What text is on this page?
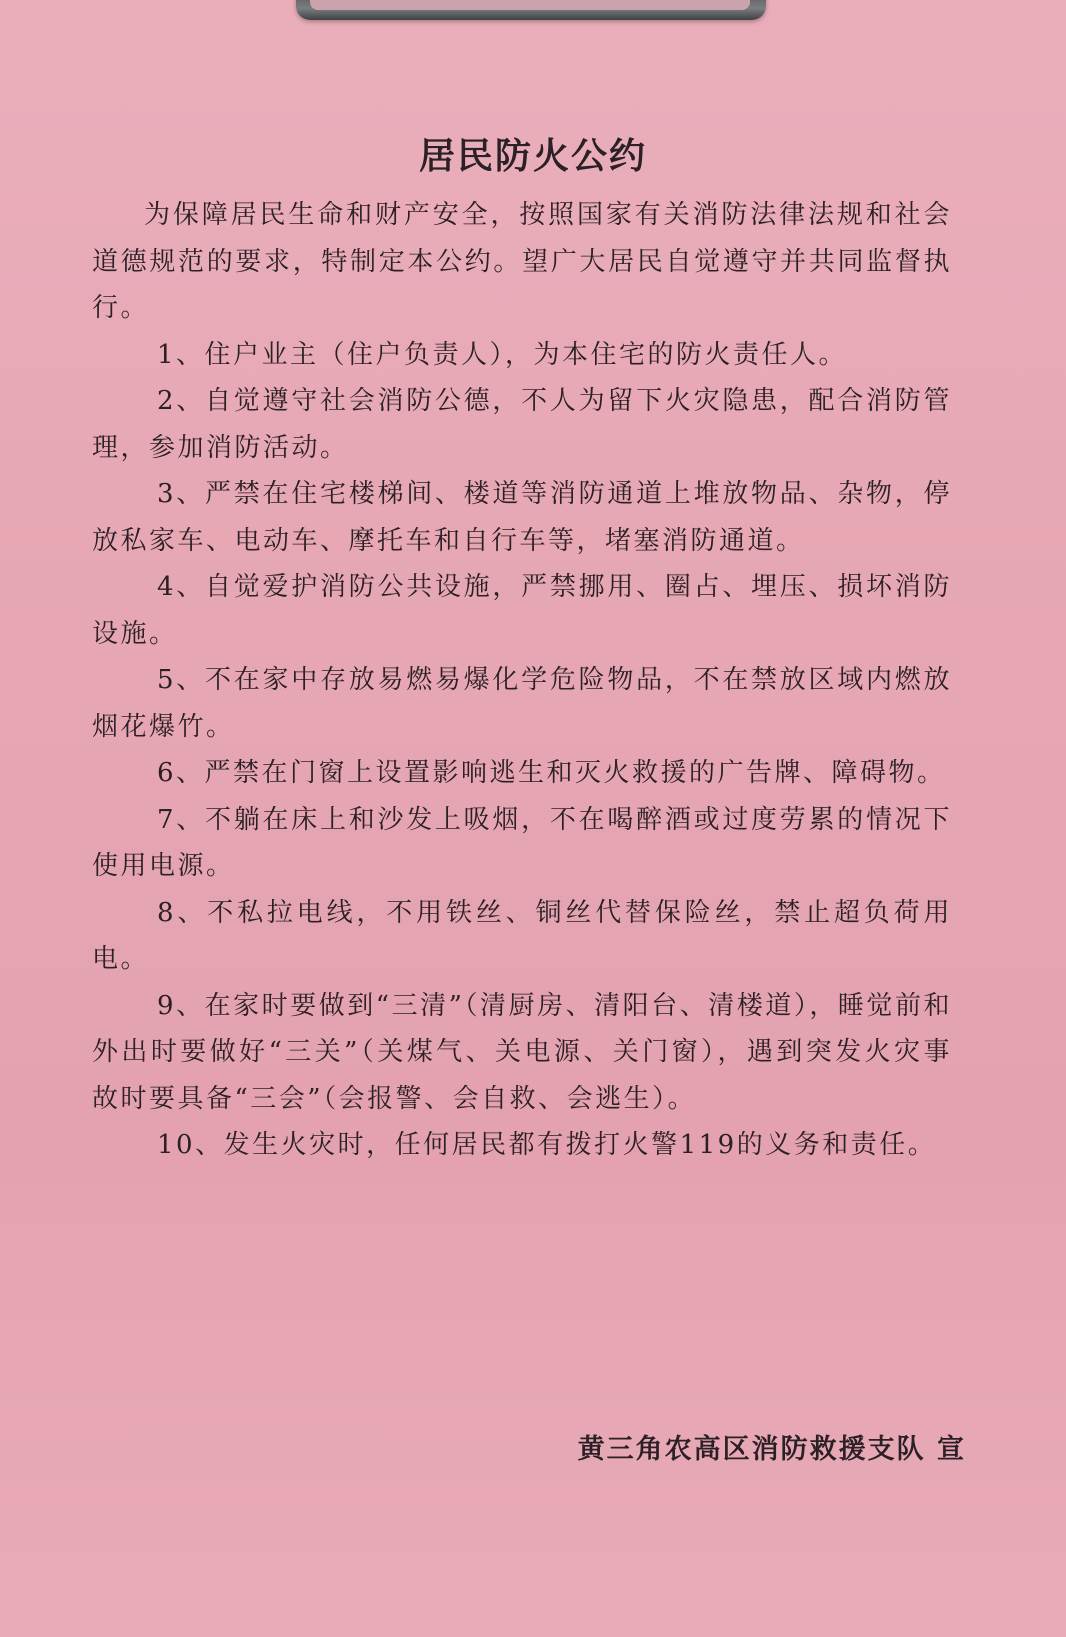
居民防火公约

为保障居民生命和财产安全，按照国家有关消防法律法规和社会道德规范的要求，特制定本公约。望广大居民自觉遵守并共同监督执行。

1、住户业主（住户负责人），为本住宅的防火责任人。

2、自觉遵守社会消防公德，不人为留下火灾隐患，配合消防管理，参加消防活动。

3、严禁在住宅楼梯间、楼道等消防通道上堆放物品、杂物，停放私家车、电动车、摩托车和自行车等，堵塞消防通道。

4、自觉爱护消防公共设施，严禁挪用、圈占、埋压、损坏消防设施。

5、不在家中存放易燃易爆化学危险物品，不在禁放区域内燃放烟花爆竹。

6、严禁在门窗上设置影响逃生和灭火救援的广告牌、障碍物。

7、不躺在床上和沙发上吸烟，不在喝醉酒或过度劳累的情况下使用电源。

8、不私拉电线，不用铁丝、铜丝代替保险丝，禁止超负荷用电。

9、在家时要做到“三清”（清厨房、清阳台、清楼道），睡觉前和外出时要做好“三关”（关煤气、关电源、关门窗），遇到突发火灾事故时要具备“三会”（会报警、会自救、会逃生）。

10、发生火灾时，任何居民都有拨打火警119的义务和责任。

黄三角农高区消防救援支队 宣
